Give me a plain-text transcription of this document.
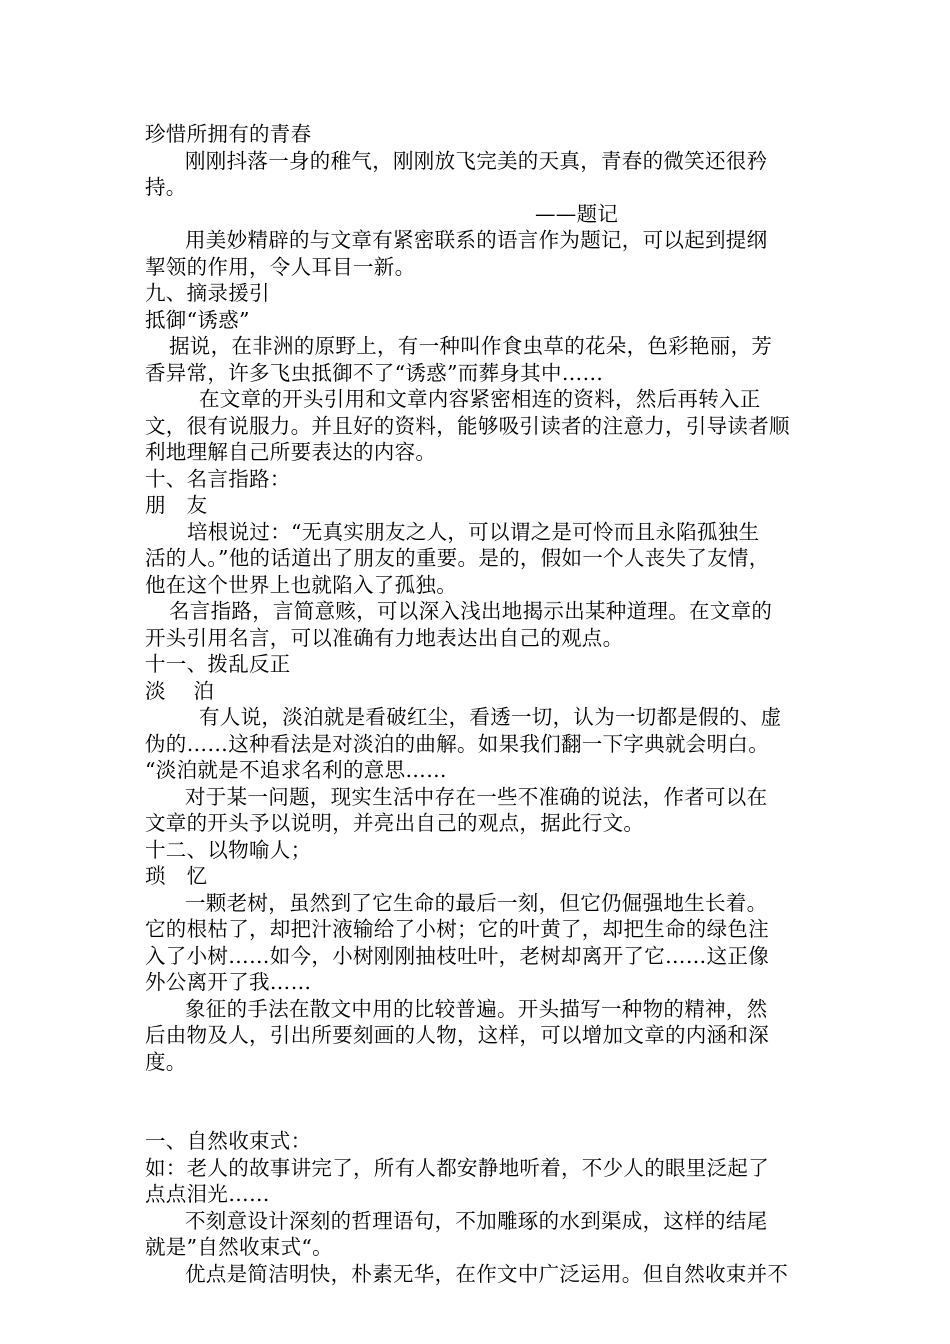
珍惜所拥有的青春
刚刚抖落一身的稚气，刚刚放飞完美的天真，青春的微笑还很矜
持。
——题记
用美妙精辟的与文章有紧密联系的语言作为题记，可以起到提纲
挈领的作用，令人耳目一新。
九、摘录援引
抵御“诱惑”
据说，在非洲的原野上，有一种叫作食虫草的花朵，色彩艳丽，芳
香异常，许多飞虫抵御不了“诱惑”而葬身其中……
在文章的开头引用和文章内容紧密相连的资料，然后再转入正
文，很有说服力。并且好的资料，能够吸引读者的注意力，引导读者顺
利地理解自己所要表达的内容。
十、名言指路：
朋　友
培根说过：“无真实朋友之人，可以谓之是可怜而且永陷孤独生
活的人。”他的话道出了朋友的重要。是的，假如一个人丧失了友情，
他在这个世界上也就陷入了孤独。
名言指路，言简意赅，可以深入浅出地揭示出某种道理。在文章的
开头引用名言，可以准确有力地表达出自己的观点。
十一、拨乱反正
淡　 泊
有人说，淡泊就是看破红尘，看透一切，认为一切都是假的、虚
伪的……这种看法是对淡泊的曲解。如果我们翻一下字典就会明白。
“淡泊就是不追求名利的意思……
对于某一问题，现实生活中存在一些不准确的说法，作者可以在
文章的开头予以说明，并亮出自己的观点，据此行文。
十二、以物喻人；
琐　忆
一颗老树，虽然到了它生命的最后一刻，但它仍倔强地生长着。
它的根枯了，却把汁液输给了小树；它的叶黄了，却把生命的绿色注
入了小树……如今，小树刚刚抽枝吐叶，老树却离开了它……这正像
外公离开了我……
象征的手法在散文中用的比较普遍。开头描写一种物的精神，然
后由物及人，引出所要刻画的人物，这样，可以增加文章的内涵和深
度。
一、自然收束式：
如：老人的故事讲完了，所有人都安静地听着，不少人的眼里泛起了
点点泪光……
不刻意设计深刻的哲理语句，不加雕琢的水到渠成，这样的结尾
就是”自然收束式“。
优点是简洁明快，朴素无华，在作文中广泛运用。但自然收束并不
